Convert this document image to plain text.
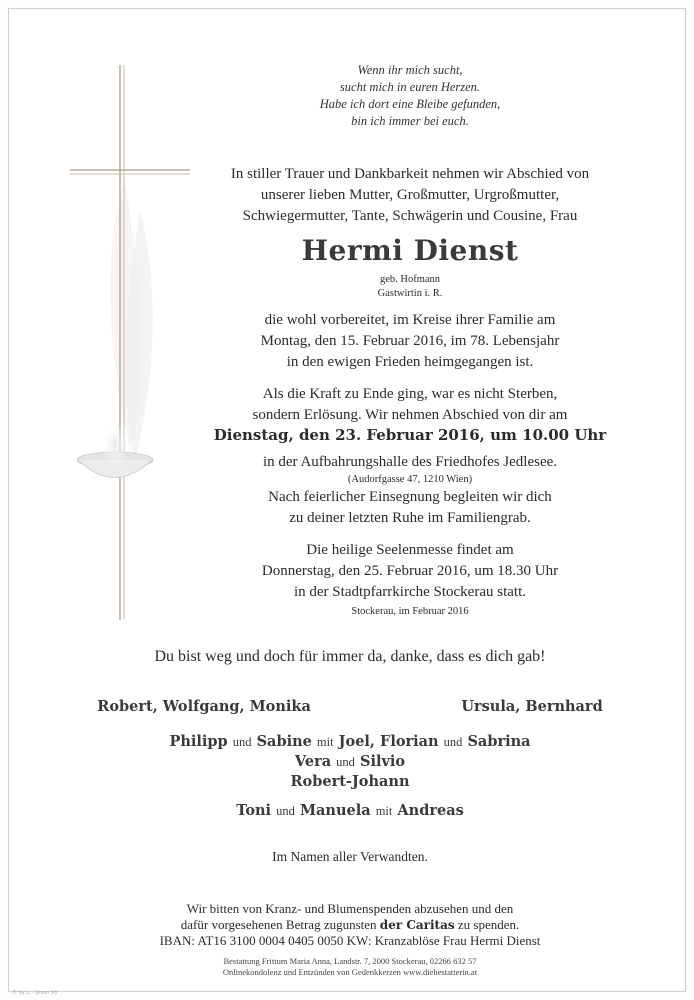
Wenn ihr mich sucht,
sucht mich in euren Herzen.
Habe ich dort eine Bleibe gefunden,
bin ich immer bei euch.
In stiller Trauer und Dankbarkeit nehmen wir Abschied von
unserer lieben Mutter, Großmutter, Urgroßmutter,
Schwiegermutter, Tante, Schwägerin und Cousine, Frau
Hermi Dienst
geb. Hofmann
Gastwirtin i. R.
die wohl vorbereitet, im Kreise ihrer Familie am
Montag, den 15. Februar 2016, im 78. Lebensjahr
in den ewigen Frieden heimgegangen ist.
Als die Kraft zu Ende ging, war es nicht Sterben,
sondern Erlösung. Wir nehmen Abschied von dir am
Dienstag, den 23. Februar 2016, um 10.00 Uhr
in der Aufbahrungshalle des Friedhofes Jedlesee.
(Audorfgasse 47, 1210 Wien)
Nach feierlicher Einsegnung begleiten wir dich
zu deiner letzten Ruhe im Familiengrab.
Die heilige Seelenmesse findet am
Donnerstag, den 25. Februar 2016, um 18.30 Uhr
in der Stadtpfarrkirche Stockerau statt.
Stockerau, im Februar 2016
Du bist weg und doch für immer da, danke, dass es dich gab!
Robert, Wolfgang, Monika	Ursula, Bernhard
Philipp und Sabine mit Joel, Florian und Sabrina
Vera und Silvio
Robert-Johann
Toni und Manuela mit Andreas
Im Namen aller Verwandten.
Wir bitten von Kranz- und Blumenspenden abzusehen und den
dafür vorgesehenen Betrag zugunsten der Caritas zu spenden.
IBAN: AT16 3100 0004 0405 0050 KW: Kranzablöse Frau Hermi Dienst
Bestattung Frittum Maria Anna, Landstr. 7, 2000 Stockerau, 02266 632 57
Onlinekondolenz und Entzünden von Gedenkkerzen www.diebestatterin.at
© by L. - Jovan 93
